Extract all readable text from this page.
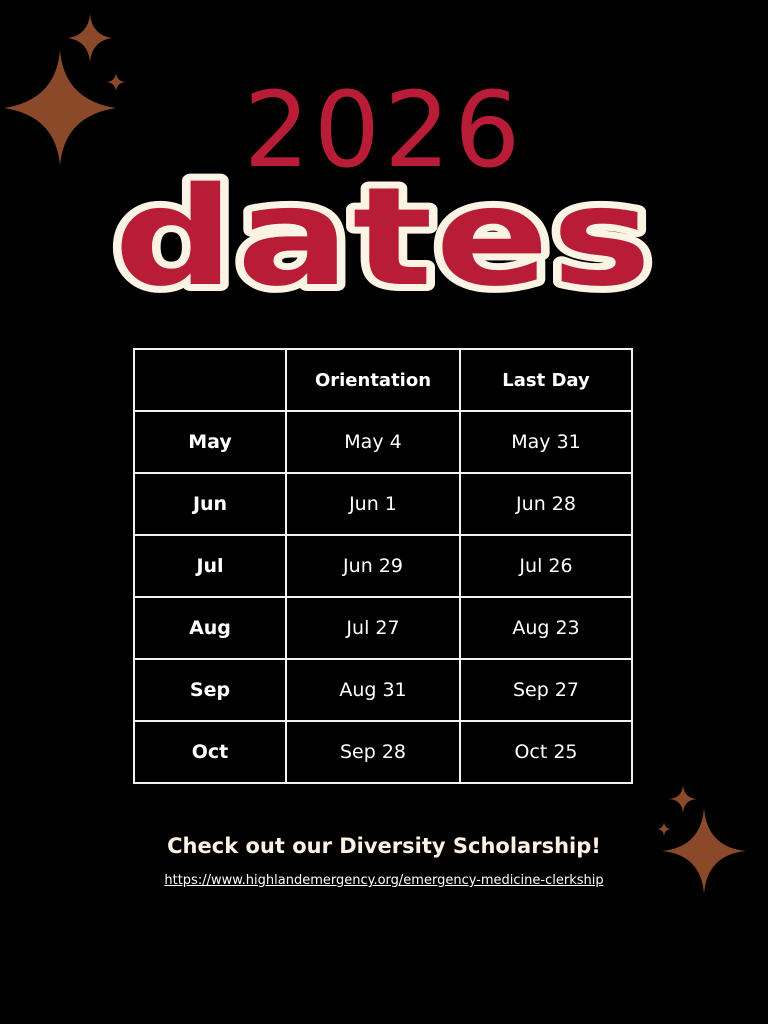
2026
dates
	Orientation	Last Day
May	May 4	May 31
Jun	Jun 1	Jun 28
Jul	Jun 29	Jul 26
Aug	Jul 27	Aug 23
Sep	Aug 31	Sep 27
Oct	Sep 28	Oct 25
Check out our Diversity Scholarship!
https://www.highlandemergency.org/emergency-medicine-clerkship
